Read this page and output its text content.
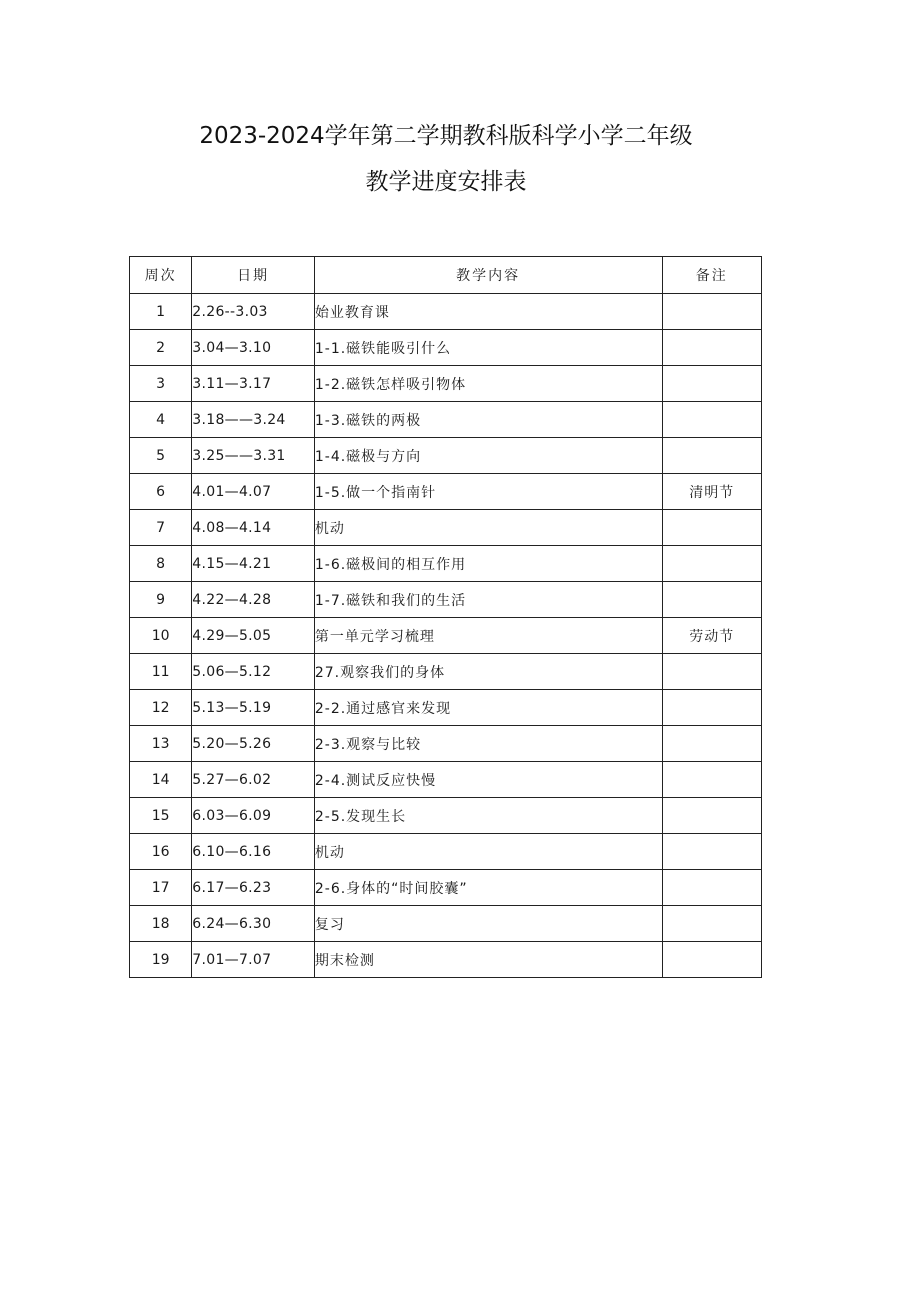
2023-2024学年第二学期教科版科学小学二年级
教学进度安排表
周次	日期	教学内容	备注
1	2.26--3.03	始业教育课	
2	3.04—3.10	1-1.磁铁能吸引什么	
3	3.11—3.17	1-2.磁铁怎样吸引物体	
4	3.18——3.24	1-3.磁铁的两极	
5	3.25——3.31	1-4.磁极与方向	
6	4.01—4.07	1-5.做一个指南针	清明节
7	4.08—4.14	机动	
8	4.15—4.21	1-6.磁极间的相互作用	
9	4.22—4.28	1-7.磁铁和我们的生活	
10	4.29—5.05	第一单元学习梳理	劳动节
11	5.06—5.12	27.观察我们的身体	
12	5.13—5.19	2-2.通过感官来发现	
13	5.20—5.26	2-3.观察与比较	
14	5.27—6.02	2-4.测试反应快慢	
15	6.03—6.09	2-5.发现生长	
16	6.10—6.16	机动	
17	6.17—6.23	2-6.身体的“时间胶囊”	
18	6.24—6.30	复习	
19	7.01—7.07	期末检测	
